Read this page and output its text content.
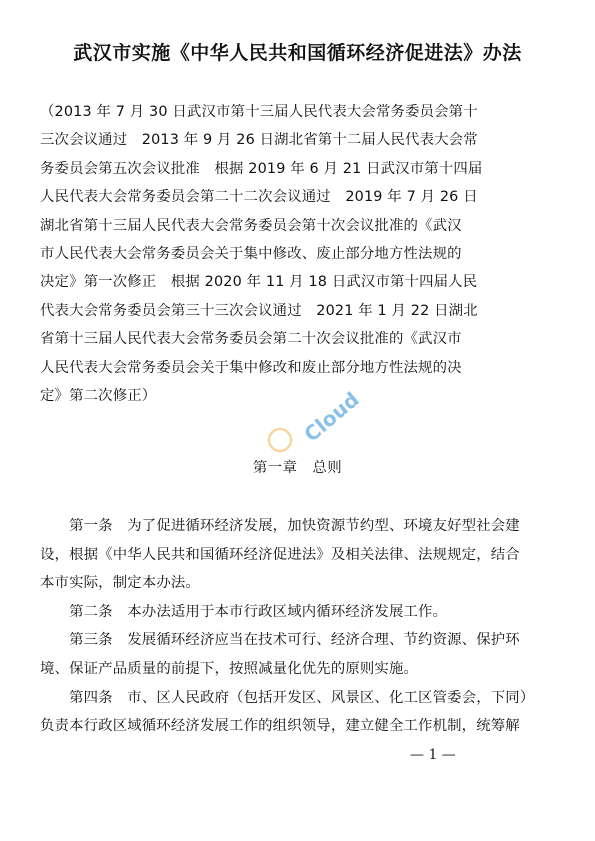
武汉市实施《中华人民共和国循环经济促进法》办法
（2013 年 7 月 30 日武汉市第十三届人民代表大会常务委员会第十
三次会议通过　2013 年 9 月 26 日湖北省第十二届人民代表大会常
务委员会第五次会议批准　根据 2019 年 6 月 21 日武汉市第十四届
人民代表大会常务委员会第二十二次会议通过　2019 年 7 月 26 日
湖北省第十三届人民代表大会常务委员会第十次会议批准的《武汉
市人民代表大会常务委员会关于集中修改、废止部分地方性法规的
决定》第一次修正　根据 2020 年 11 月 18 日武汉市第十四届人民
代表大会常务委员会第三十三次会议通过　2021 年 1 月 22 日湖北
省第十三届人民代表大会常务委员会第二十次会议批准的《武汉市
人民代表大会常务委员会关于集中修改和废止部分地方性法规的决
定》第二次修正）	Cloud
第一章　总则
　　第一条　为了促进循环经济发展，加快资源节约型、环境友好型社会建
设，根据《中华人民共和国循环经济促进法》及相关法律、法规规定，结合
本市实际，制定本办法。
　　第二条　本办法适用于本市行政区域内循环经济发展工作。
　　第三条　发展循环经济应当在技术可行、经济合理、节约资源、保护环
境、保证产品质量的前提下，按照减量化优先的原则实施。
　　第四条　市、区人民政府（包括开发区、风景区、化工区管委会，下同）
负责本行政区域循环经济发展工作的组织领导，建立健全工作机制，统筹解
— 1 —
